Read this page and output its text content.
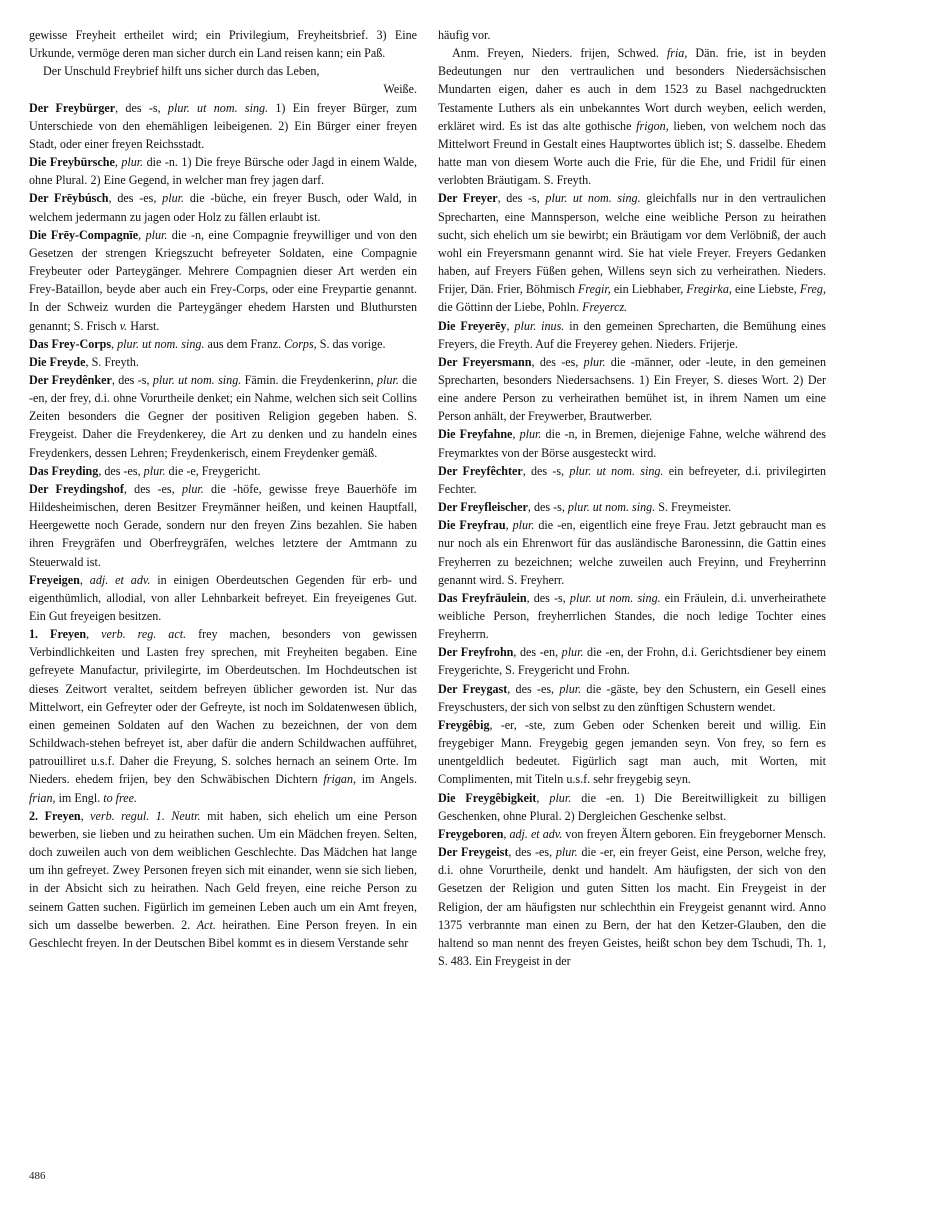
gewisse Freyheit ertheilet wird; ein Privilegium, Freyheitsbrief. 3) Eine Urkunde, vermöge deren man sicher durch ein Land reisen kann; ein Paß.
Der Unschuld Freybrief hilft uns sicher durch das Leben,
Weiße.
Der Freybürger, des -s, plur. ut nom. sing. 1) Ein freyer Bürger, zum Unterschiede von den ehemähligen leibeigenen. 2) Ein Bürger einer freyen Stadt, oder einer freyen Reichsstadt.
Die Freybürsche, plur. die -n. 1) Die freye Bürsche oder Jagd in einem Walde, ohne Plural. 2) Eine Gegend, in welcher man frey jagen darf.
Der Frēybúsch, des -es, plur. die -büche, ein freyer Busch, oder Wald, in welchem jedermann zu jagen oder Holz zu fällen erlaubt ist.
Die Frēy-Compagnīe, plur. die -n, eine Compagnie freywilliger und von den Gesetzen der strengen Kriegszucht befreyeter Soldaten, eine Compagnie Freybeuter oder Parteygänger. Mehrere Compagnien dieser Art werden ein Frey-Bataillon, beyde aber auch ein Frey-Corps, oder eine Freypartie genannt. In der Schweiz wurden die Parteygänger ehedem Harsten und Bluthursten genannt; S. Frisch v. Harst.
Das Frey-Corps, plur. ut nom. sing. aus dem Franz. Corps, S. das vorige.
Die Freyde, S. Freyth.
Der Freydênker, des -s, plur. ut nom. sing. Fämin. die Freydenkerinn, plur. die -en, der frey, d.i. ohne Vorurtheile denket; ein Nahme, welchen sich seit Collins Zeiten besonders die Gegner der positiven Religion gegeben haben. S. Freygeist. Daher die Freydenkerey, die Art zu denken und zu handeln eines Freydenkers, dessen Lehren; Freydenkerisch, einem Freydenker gemäß.
Das Freyding, des -es, plur. die -e, Freygericht.
Der Freydingshof, des -es, plur. die -höfe, gewisse freye Bauerhöfe im Hildesheimischen, deren Besitzer Freymänner heißen, und keinen Hauptfall, Heergewette noch Gerade, sondern nur den freyen Zins bezahlen. Sie haben ihren Freygräfen und Oberfreygräfen, welches letztere der Amtmann zu Steuerwald ist.
Freyeigen, adj. et adv. in einigen Oberdeutschen Gegenden für erb- und eigenthümlich, allodial, von aller Lehnbarkeit befreyet. Ein freyeigenes Gut. Ein Gut freyeigen besitzen.
1. Freyen, verb. reg. act. frey machen, besonders von gewissen Verbindlichkeiten und Lasten frey sprechen, mit Freyheiten begaben. Eine gefreyete Manufactur, privilegirte, im Oberdeutschen. Im Hochdeutschen ist dieses Zeitwort veraltet, seitdem befreyen üblicher geworden ist. Nur das Mittelwort, ein Gefreyter oder der Gefreyte, ist noch im Soldatenwesen üblich, einen gemeinen Soldaten auf den Wachen zu bezeichnen, der von dem Schildwach-stehen befreyet ist, aber dafür die andern Schildwachen aufführet, patrouilliret u.s.f. Daher die Freyung, S. solches hernach an seinem Orte. Im Nieders. ehedem frijen, bey den Schwäbischen Dichtern frigan, im Angels. frian, im Engl. to free.
2. Freyen, verb. regul. 1. Neutr. mit haben, sich ehelich um eine Person bewerben, sie lieben und zu heirathen suchen. Um ein Mädchen freyen. Selten, doch zuweilen auch von dem weiblichen Geschlechte. Das Mädchen hat lange um ihn gefreyet. Zwey Personen freyen sich mit einander, wenn sie sich lieben, in der Absicht sich zu heirathen. Nach Geld freyen, eine reiche Person zu seinem Gatten suchen. Figürlich im gemeinen Leben auch um ein Amt freyen, sich um dasselbe bewerben. 2. Act. heirathen. Eine Person freyen. In ein Geschlecht freyen. In der Deutschen Bibel kommt es in diesem Verstande sehr
häufig vor.
Anm. Freyen, Nieders. frijen, Schwed. fria, Dän. frie, ist in beyden Bedeutungen nur den vertraulichen und besonders Niedersächsischen Mundarten eigen, daher es auch in dem 1523 zu Basel nachgedruckten Testamente Luthers als ein unbekanntes Wort durch weyben, eelich werden, erkläret wird. Es ist das alte gothische frigon, lieben, von welchem noch das Mittelwort Freund in Gestalt eines Hauptwortes üblich ist; S. dasselbe. Ehedem hatte man von diesem Worte auch die Frie, für die Ehe, und Fridil für einen verlobten Bräutigam. S. Freyth.
Der Freyer, des -s, plur. ut nom. sing. gleichfalls nur in den vertraulichen Sprecharten, eine Mannsperson, welche eine weibliche Person zu heirathen sucht, sich ehelich um sie bewirbt; ein Bräutigam vor dem Verlöbniß, der auch wohl ein Freyersmann genannt wird. Sie hat viele Freyer. Freyers Gedanken haben, auf Freyers Füßen gehen, Willens seyn sich zu verheirathen. Nieders. Frijer, Dän. Frier, Böhmisch Fregir, ein Liebhaber, Fregirka, eine Liebste, Freg, die Göttinn der Liebe, Pohln. Freyercz.
Die Freyerēy, plur. inus. in den gemeinen Sprecharten, die Bemühung eines Freyers, die Freyth. Auf die Freyerey gehen. Nieders. Frijerje.
Der Freyersmann, des -es, plur. die -männer, oder -leute, in den gemeinen Sprecharten, besonders Niedersachsens. 1) Ein Freyer, S. dieses Wort. 2) Der eine andere Person zu verheirathen bemühet ist, in ihrem Namen um eine Person anhält, der Freywerber, Brautwerber.
Die Freyfahne, plur. die -n, in Bremen, diejenige Fahne, welche während des Freymarktes von der Börse ausgesteckt wird.
Der Freyfêchter, des -s, plur. ut nom. sing. ein befreyeter, d.i. privilegirten Fechter.
Der Freyfleischer, des -s, plur. ut nom. sing. S. Freymeister.
Die Freyfrau, plur. die -en, eigentlich eine freye Frau. Jetzt gebraucht man es nur noch als ein Ehrenwort für das ausländische Baronessinn, die Gattin eines Freyherren zu bezeichnen; welche zuweilen auch Freyinn, und Freyherrinn genannt wird. S. Freyherr.
Das Freyfräulein, des -s, plur. ut nom. sing. ein Fräulein, d.i. unverheirathete weibliche Person, freyherrlichen Standes, die noch ledige Tochter eines Freyherrn.
Der Freyfrohn, des -en, plur. die -en, der Frohn, d.i. Gerichtsdiener bey einem Freygerichte, S. Freygericht und Frohn.
Der Freygast, des -es, plur. die -gäste, bey den Schustern, ein Gesell eines Freyschusters, der sich von selbst zu den zünftigen Schustern wendet.
Freygêbig, -er, -ste, zum Geben oder Schenken bereit und willig. Ein freygebiger Mann. Freygebig gegen jemanden seyn. Von frey, so fern es unentgeldlich bedeutet. Figürlich sagt man auch, mit Worten, mit Complimenten, mit Titeln u.s.f. sehr freygebig seyn.
Die Freygêbigkeit, plur. die -en. 1) Die Bereitwilligkeit zu billigen Geschenken, ohne Plural. 2) Dergleichen Geschenke selbst.
Freygeboren, adj. et adv. von freyen Ältern geboren. Ein freygeborner Mensch.
Der Freygeist, des -es, plur. die -er, ein freyer Geist, eine Person, welche frey, d.i. ohne Vorurtheile, denkt und handelt. Am häufigsten, der sich von den Gesetzen der Religion und guten Sitten los macht. Ein Freygeist in der Religion, der am häufigsten nur schlechthin ein Freygeist genannt wird. Anno 1375 verbrannte man einen zu Bern, der hat den Ketzer-Glauben, den die haltend so man nennt des freyen Geistes, heißt schon bey dem Tschudi, Th. 1, S. 483. Ein Freygeist in der
486
